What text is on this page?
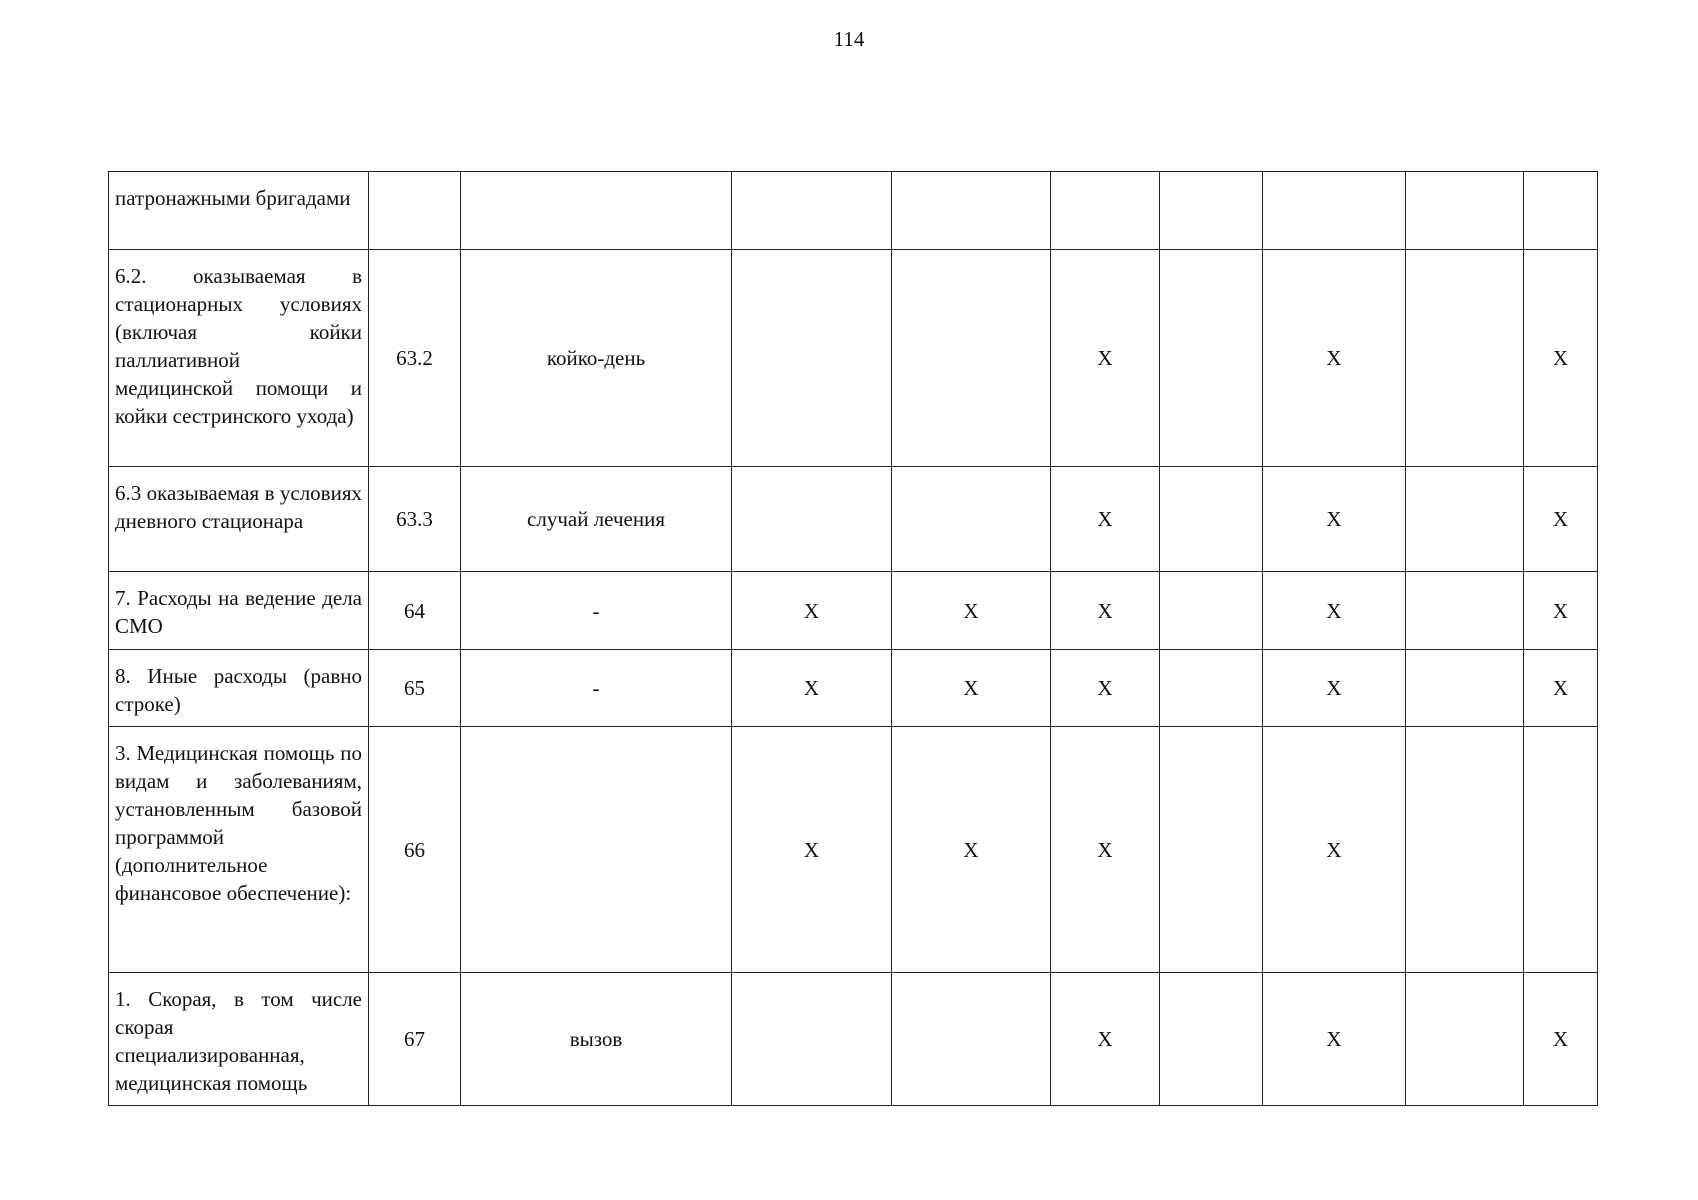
114
патронажными бригадами									
6.2. оказываемая в стационарных условиях (включая койки паллиативной медицинской помощи и койки сестринского ухода)	63.2	койко-день			X		X		X
6.3 оказываемая в условиях дневного стационара	63.3	случай лечения			X		X		X
7. Расходы на ведение дела СМО	64	-	X	X	X		X		X
8. Иные расходы (равно строке)	65	-	X	X	X		X		X
3. Медицинская помощь по видам и заболеваниям, установленным базовой программой (дополнительное финансовое обеспечение):	66		X	X	X		X		
1. Скорая, в том числе скорая специализированная, медицинская помощь	67	вызов			X		X		X
